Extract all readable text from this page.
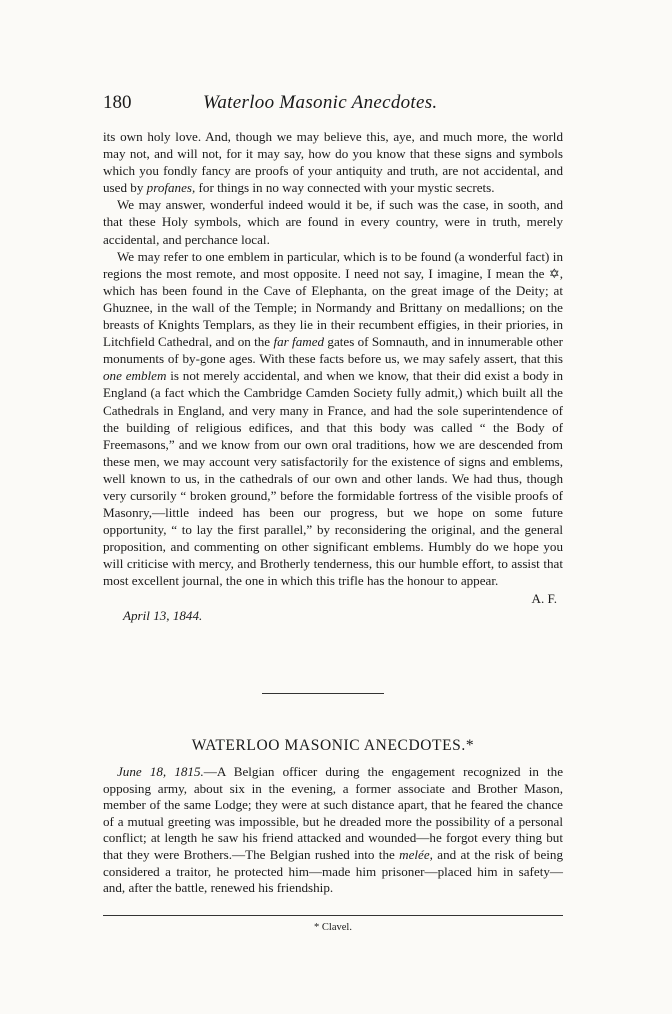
180	Waterloo Masonic Anecdotes.

its own holy love. And, though we may believe this, aye, and much more, the world may not, and will not, for it may say, how do you know that these signs and symbols which you fondly fancy are proofs of your antiquity and truth, are not accidental, and used by profanes, for things in no way connected with your mystic secrets.

We may answer, wonderful indeed would it be, if such was the case, in sooth, and that these Holy symbols, which are found in every country, were in truth, merely accidental, and perchance local.

We may refer to one emblem in particular, which is to be found (a wonderful fact) in regions the most remote, and most opposite. I need not say, I imagine, I mean the ✡, which has been found in the Cave of Elephanta, on the great image of the Deity; at Ghuznee, in the wall of the Temple; in Normandy and Brittany on medallions; on the breasts of Knights Templars, as they lie in their recumbent effigies, in their priories, in Litchfield Cathedral, and on the far famed gates of Somnauth, and in innumerable other monuments of by-gone ages. With these facts before us, we may safely assert, that this one emblem is not merely accidental, and when we know, that their did exist a body in England (a fact which the Cambridge Camden Society fully admit,) which built all the Cathedrals in England, and very many in France, and had the sole superintendence of the building of religious edifices, and that this body was called “ the Body of Freemasons,” and we know from our own oral traditions, how we are descended from these men, we may account very satisfactorily for the existence of signs and emblems, well known to us, in the cathedrals of our own and other lands. We had thus, though very cursorily “ broken ground,” before the formidable fortress of the visible proofs of Masonry,—little indeed has been our progress, but we hope on some future opportunity, “ to lay the first parallel,” by reconsidering the original, and the general proposition, and commenting on other significant emblems. Humbly do we hope you will criticise with mercy, and Brotherly tenderness, this our humble effort, to assist that most excellent journal, the one in which this trifle has the honour to appear.

A. F.

April 13, 1844.

WATERLOO MASONIC ANECDOTES.*

June 18, 1815.—A Belgian officer during the engagement recognized in the opposing army, about six in the evening, a former associate and Brother Mason, member of the same Lodge; they were at such distance apart, that he feared the chance of a mutual greeting was impossible, but he dreaded more the possibility of a personal conflict; at length he saw his friend attacked and wounded—he forgot every thing but that they were Brothers.—The Belgian rushed into the melée, and at the risk of being considered a traitor, he protected him—made him prisoner—placed him in safety—and, after the battle, renewed his friendship.

* Clavel.
